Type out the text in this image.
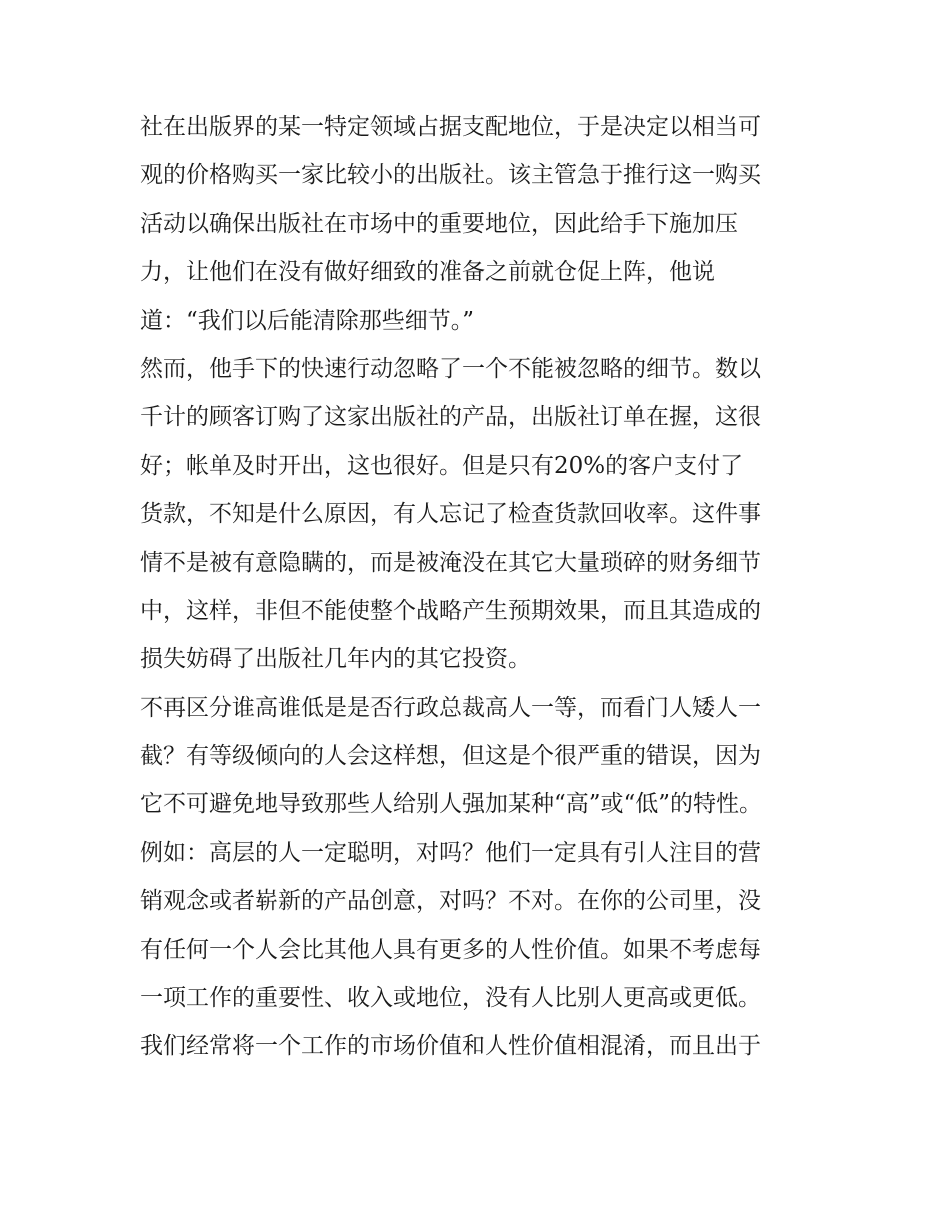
社在出版界的某一特定领域占据支配地位，于是决定以相当可
观的价格购买一家比较小的出版社。该主管急于推行这一购买
活动以确保出版社在市场中的重要地位，因此给手下施加压
力，让他们在没有做好细致的准备之前就仓促上阵，他说
道：“我们以后能清除那些细节。”
然而，他手下的快速行动忽略了一个不能被忽略的细节。数以
千计的顾客订购了这家出版社的产品，出版社订单在握，这很
好；帐单及时开出，这也很好。但是只有20%的客户支付了
货款，不知是什么原因，有人忘记了检查货款回收率。这件事
情不是被有意隐瞒的，而是被淹没在其它大量琐碎的财务细节
中，这样，非但不能使整个战略产生预期效果，而且其造成的
损失妨碍了出版社几年内的其它投资。
不再区分谁高谁低是是否行政总裁高人一等，而看门人矮人一
截？有等级倾向的人会这样想，但这是个很严重的错误，因为
它不可避免地导致那些人给别人强加某种“高”或“低”的特性。
例如：高层的人一定聪明，对吗？他们一定具有引人注目的营
销观念或者崭新的产品创意，对吗？不对。在你的公司里，没
有任何一个人会比其他人具有更多的人性价值。如果不考虑每
一项工作的重要性、收入或地位，没有人比别人更高或更低。
我们经常将一个工作的市场价值和人性价值相混淆，而且出于
